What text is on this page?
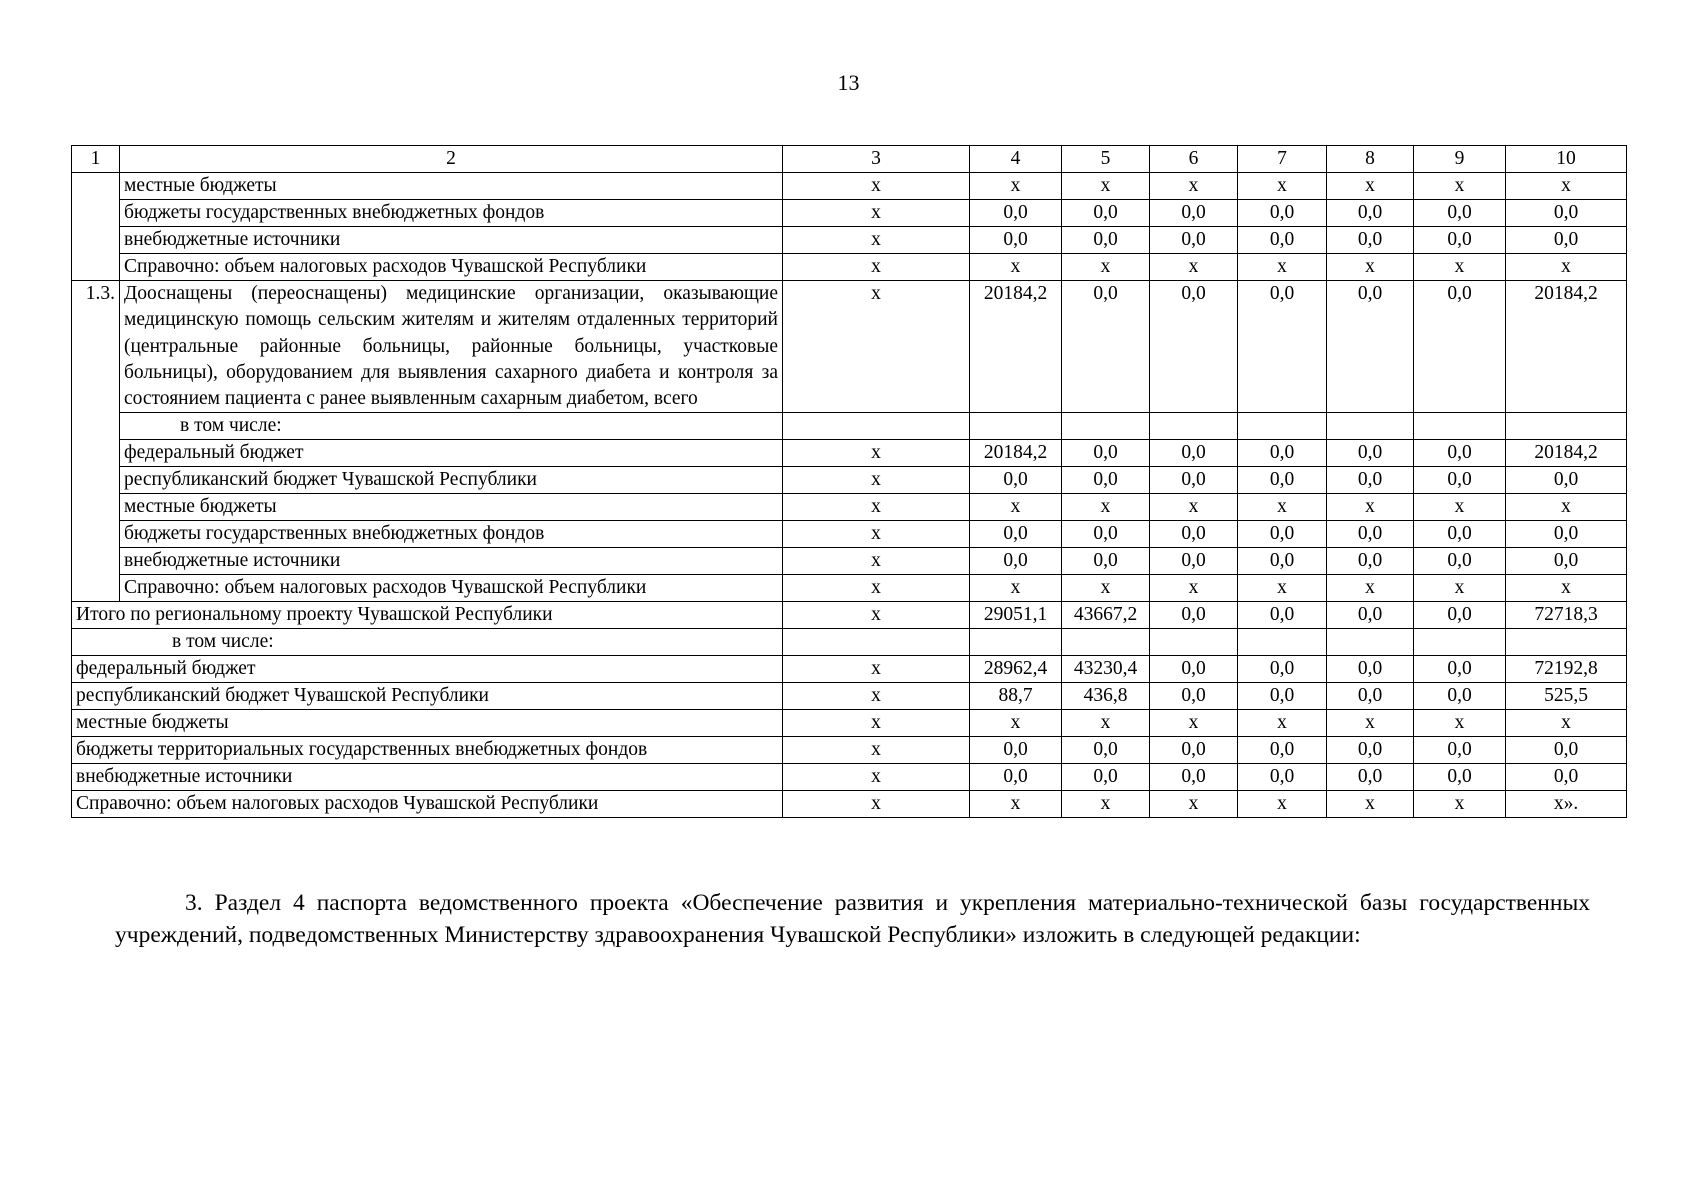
13
1	2	3	4	5	6	7	8	9	10
	местные бюджеты	x	x	x	x	x	x	x	x
	бюджеты государственных внебюджетных фондов	x	0,0	0,0	0,0	0,0	0,0	0,0	0,0
	внебюджетные источники	x	0,0	0,0	0,0	0,0	0,0	0,0	0,0
	Справочно: объем налоговых расходов Чувашской Республики	x	x	x	x	x	x	x	x
1.3.	Дооснащены (переоснащены) медицинские организации, оказывающие медицинскую помощь сельским жителям и жителям отдаленных территорий (центральные районные больницы, районные больницы, участковые больницы), оборудованием для выявления сахарного диабета и контроля за состоянием пациента с ранее выявленным сахарным диабетом, всего	x	20184,2	0,0	0,0	0,0	0,0	0,0	20184,2
	в том числе:								
	федеральный бюджет	x	20184,2	0,0	0,0	0,0	0,0	0,0	20184,2
	республиканский бюджет Чувашской Республики	x	0,0	0,0	0,0	0,0	0,0	0,0	0,0
	местные бюджеты	x	x	x	x	x	x	x	x
	бюджеты государственных внебюджетных фондов	x	0,0	0,0	0,0	0,0	0,0	0,0	0,0
	внебюджетные источники	x	0,0	0,0	0,0	0,0	0,0	0,0	0,0
	Справочно: объем налоговых расходов Чувашской Республики	x	x	x	x	x	x	x	x
Итого по региональному проекту Чувашской Республики		x	29051,1	43667,2	0,0	0,0	0,0	0,0	72718,3
в том числе:									
федеральный бюджет		x	28962,4	43230,4	0,0	0,0	0,0	0,0	72192,8
республиканский бюджет Чувашской Республики		x	88,7	436,8	0,0	0,0	0,0	0,0	525,5
местные бюджеты		x	x	x	x	x	x	x	x
бюджеты территориальных государственных внебюджетных фондов		x	0,0	0,0	0,0	0,0	0,0	0,0	0,0
внебюджетные источники		x	0,0	0,0	0,0	0,0	0,0	0,0	0,0
Справочно: объем налоговых расходов Чувашской Республики		x	x	x	x	x	x	x	x».
3. Раздел 4 паспорта ведомственного проекта «Обеспечение развития и укрепления материально-технической базы государственных учреждений, подведомственных Министерству здравоохранения Чувашской Республики» изложить в следующей редакции:
